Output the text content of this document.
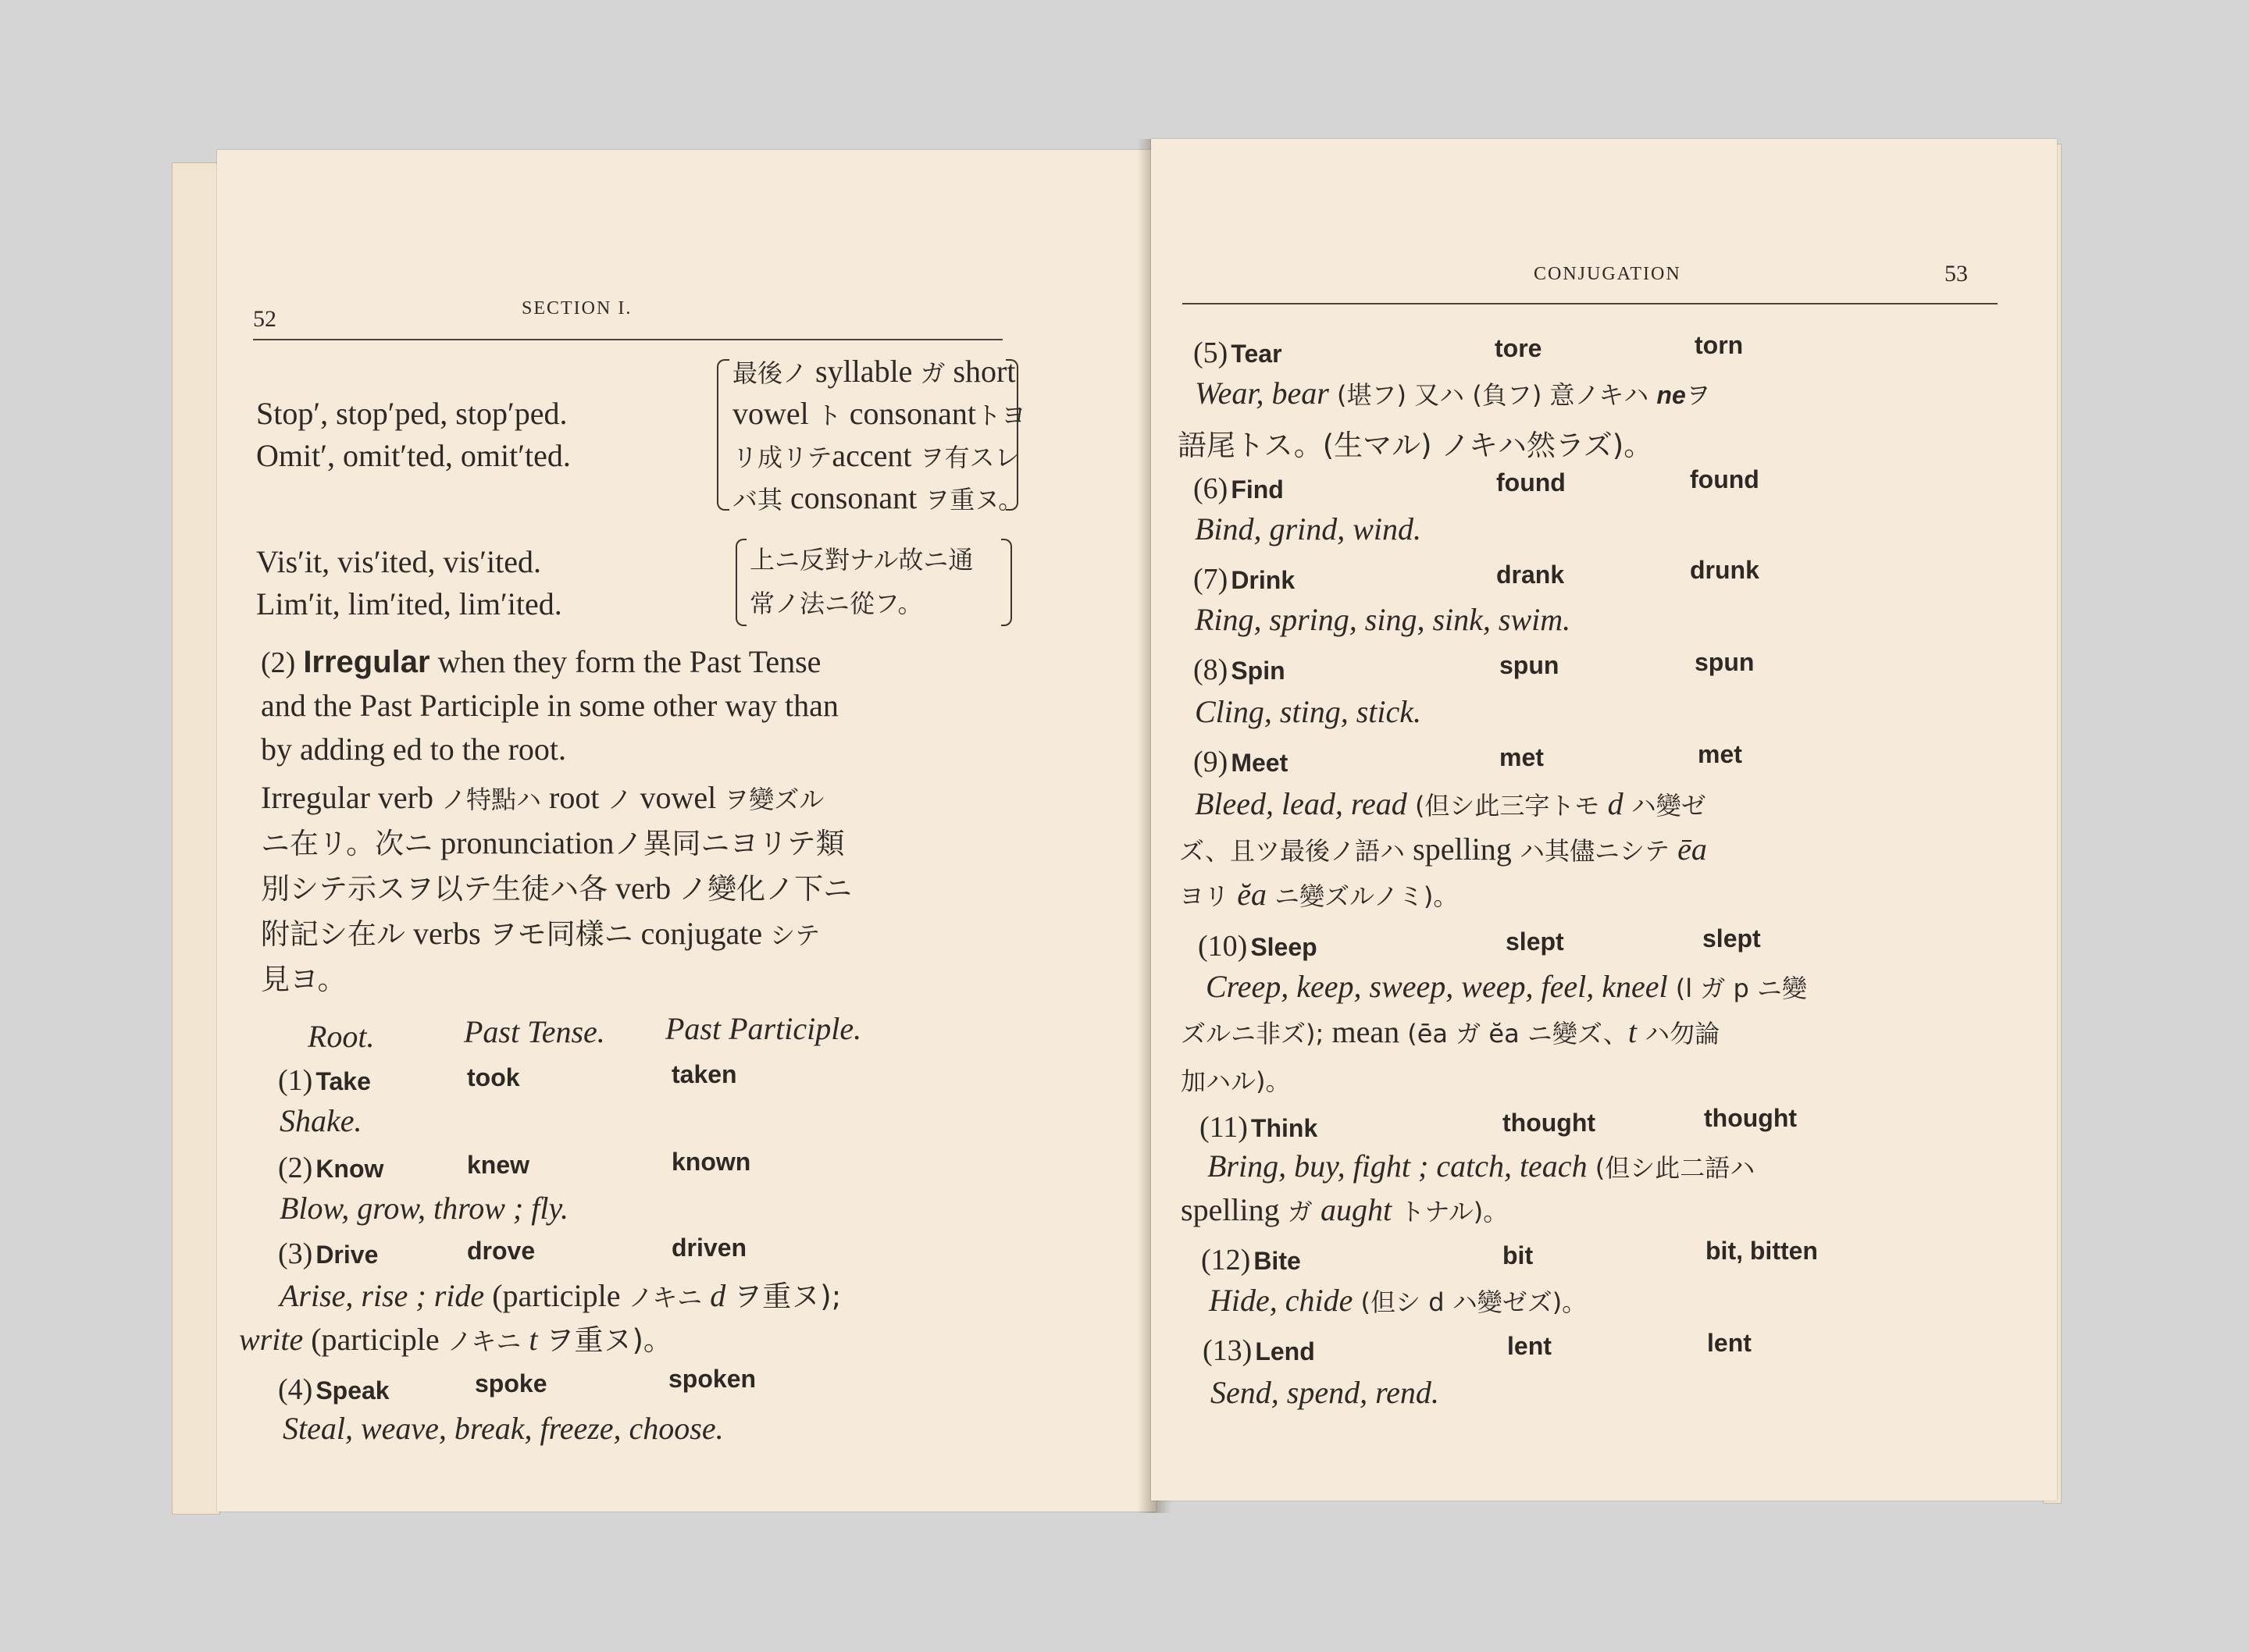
52	SECTION I.
Stop′, stop′ped, stop′ped.
Omit′, omit′ted, omit′ted.
最後ノ syllable ガ short
vowel ト consonantトヨ
リ成リテaccent ヲ有スレ
バ其 consonant ヲ重ヌ。
Vis′it, vis′ited, vis′ited.
Lim′it, lim′ited, lim′ited.
上ニ反對ナル故ニ通
常ノ法ニ從フ。
(2) Irregular when they form the Past Tense
and the Past Participle in some other way than
by adding ed to the root.
Irregular verb ノ特點ハ root ノ vowel ヲ變ズル
ニ在リ。次ニ pronunciationノ異同ニヨリテ類
別シテ示スヲ以テ生徒ハ各 verb ノ變化ノ下ニ
附記シ在ル verbs ヲモ同樣ニ conjugate シテ
見ヨ。
Root.	Past Tense. Past Participle.
(1) Take	took	taken
Shake.
(2) Know	knew	known
Blow, grow, throw ; fly.
(3) Drive	drove	driven
Arise, rise ; ride (participle ノキニ d ヲ重ヌ);
write (participle ノキニ t ヲ重ヌ)。
(4) Speak	spoke	spoken
Steal, weave, break, freeze, choose.
CONJUGATION	53
(5) Tear	tore	torn
Wear, bear (堪フ) 又ハ (負フ) 意ノキハ neヲ
語尾トス。(生マル) ノキハ然ラズ)。
(6) Find	found	found
Bind, grind, wind.
(7) Drink	drank	drunk
Ring, spring, sing, sink, swim.
(8) Spin	spun	spun
Cling, sting, stick.
(9) Meet	met	met
Bleed, lead, read (但シ此三字トモ d ハ變ゼ
ズ、且ツ最後ノ語ハ spelling ハ其儘ニシテ ēa
ヨリ ĕa ニ變ズルノミ)。
(10) Sleep	slept	slept
Creep, keep, sweep, weep, feel, kneel (l ガ p ニ變
ズルニ非ズ); mean (ēa ガ ĕa ニ變ズ、t ハ勿論
加ハル)。
(11) Think	thought	thought
Bring, buy, fight ; catch, teach (但シ此二語ハ
spelling ガ aught トナル)。
(12) Bite	bit	bit, bitten
Hide, chide (但シ d ハ變ゼズ)。
(13) Lend	lent	lent
Send, spend, rend.
